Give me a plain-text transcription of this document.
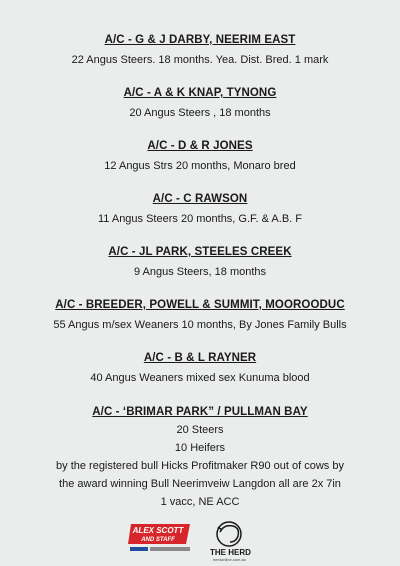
A/C - G & J DARBY, NEERIM EAST
22 Angus Steers. 18 months. Yea. Dist. Bred. 1 mark
A/C - A & K KNAP, TYNONG
20 Angus Steers , 18 months
A/C - D & R JONES
12 Angus Strs 20 months, Monaro bred
A/C - C RAWSON
11 Angus Steers 20 months, G.F. & A.B. F
A/C - JL PARK, STEELES CREEK
9 Angus Steers, 18 months
A/C - BREEDER, POWELL & SUMMIT, MOOROODUC
55 Angus m/sex Weaners 10 months, By Jones Family Bulls
A/C - B & L RAYNER
40 Angus Weaners mixed sex Kunuma blood
A/C - ‘BRIMAR PARK” / PULLMAN BAY
20 Steers
10 Heifers
by the registered bull Hicks Profitmaker R90 out of cows by
the award winning Bull Neerimveiw Langdon all are 2x 7in
1 vacc, NE ACC
ALEX SCOTT
AND STAFF
THE HERD
herdonline.com.au
